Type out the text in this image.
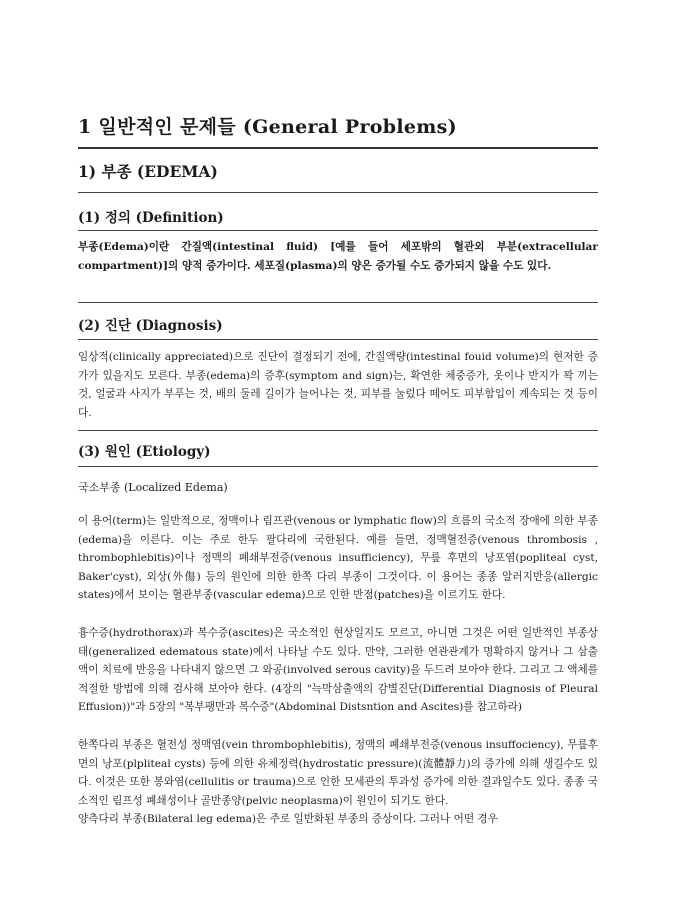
1 일반적인 문제들 (General Problems)
1) 부종 (EDEMA)
(1) 정의 (Definition)
부종(Edema)이란 간질액(intestinal fluid) [예를 들어 세포밖의 혈관외 부분(extracellular compartment)]의 양적 증가이다. 세포질(plasma)의 양은 증가될 수도 증가되지 않을 수도 있다.
(2) 진단 (Diagnosis)
임상적(clinically appreciated)으로 진단이 결정되기 전에, 간질액량(intestinal fouid volume)의 현저한 증가가 있을지도 모른다. 부종(edema)의 증후(symptom and sign)는, 확연한 체중증가, 옷이나 반지가 꽉 끼는 것, 얼굴과 사지가 부푸는 것, 배의 둘레 길이가 늘어나는 것, 피부를 눌렀다 떼어도 피부함입이 계속되는 것 등이다.
(3) 원인 (Etiology)
국소부종 (Localized Edema)
이 용어(term)는 일반적으로, 정맥이나 림프관(venous or lymphatic flow)의 흐름의 국소적 장애에 의한 부종(edema)을 이른다. 이는 주로 한두 팔다리에 국한된다. 예를 들면, 정맥혈전증(venous thrombosis , thrombophlebitis)이나 정맥의 폐쇄부전증(venous insufficiency), 무릎 후면의 낭포염(popliteal cyst, Baker'cyst), 외상(外傷) 등의 원인에 의한 한쪽 다리 부종이 그것이다. 이 용어는 종종 알러지반응(allergic states)에서 보이는 혈관부종(vascular edema)으로 인한 반점(patches)을 이르기도 한다.
흉수증(hydrothorax)과 복수증(ascites)은 국소적인 현상일지도 모르고, 아니면 그것은 어떤 일반적인 부종상태(generalized edematous state)에서 나타날 수도 있다. 만약, 그러한 연관관계가 명확하지 않거나 그 삼출액이 치료에 반응을 나타내지 않으면 그 와공(involved serous cavity)을 두드려 보아야 한다. 그리고 그 액체를 적절한 방법에 의해 검사해 보아야 한다. (4장의 "늑막삼출액의 감별진단(Differential Diagnosis of Pleural Effusion))"과 5장의 "복부팽만과 복수증"(Abdominal Distsntion and Ascites)를 참고하라)
한쪽다리 부종은 혈전성 정맥염(vein thrombophlebitis), 정맥의 폐쇄부전증(venous insuffociency), 무릎후면의 낭포(plpliteal cysts) 등에 의한 유체정력(hydrostatic pressure)(流體靜力)의 증가에 의해 생길수도 있다. 이것은 또한 봉와염(cellulitis or trauma)으로 인한 모세관의 투과성 증가에 의한 결과일수도 있다. 종종 국소적인 림프성 폐쇄성이나 골반종양(pelvic neoplasma)이 원인이 되기도 한다.
양측다리 부종(Bilateral leg edema)은 주로 일반화된 부종의 증상이다. 그러나 어떤 경우
